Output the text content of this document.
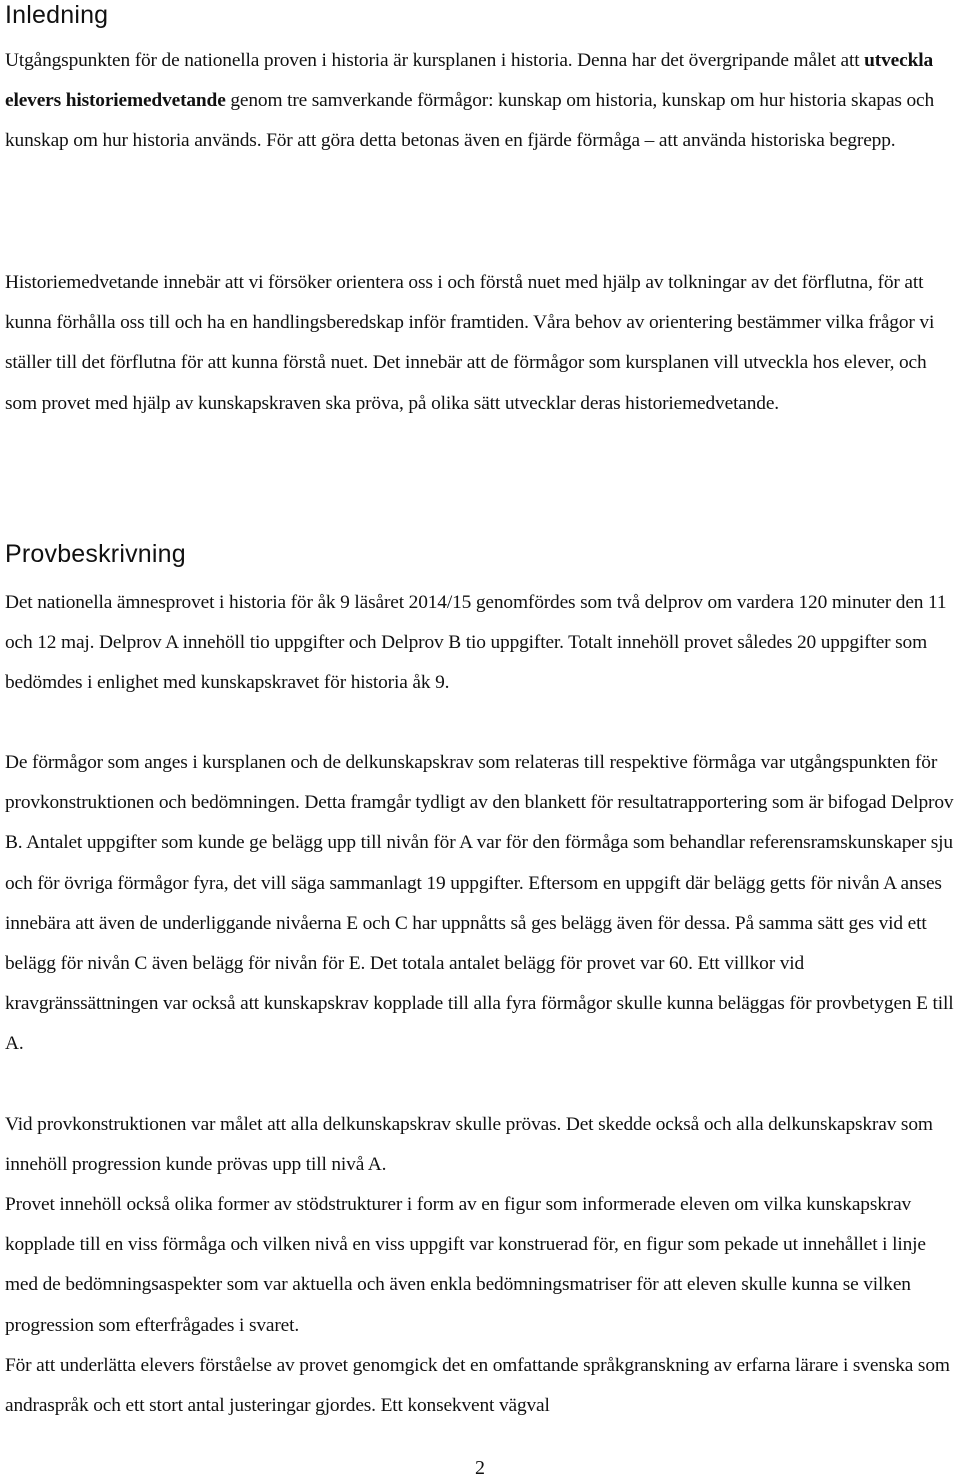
Inledning

Utgångspunkten för de nationella proven i historia är kursplanen i historia. Denna har det övergripande målet att utveckla elevers historiemedvetande genom tre samverkande förmågor: kunskap om historia, kunskap om hur historia skapas och kunskap om hur historia används. För att göra detta betonas även en fjärde förmåga – att använda historiska begrepp.

Historiemedvetande innebär att vi försöker orientera oss i och förstå nuet med hjälp av tolkningar av det förflutna, för att kunna förhålla oss till och ha en handlingsberedskap inför framtiden. Våra behov av orientering bestämmer vilka frågor vi ställer till det förflutna för att kunna förstå nuet. Det innebär att de förmågor som kursplanen vill utveckla hos elever, och som provet med hjälp av kunskapskraven ska pröva, på olika sätt utvecklar deras historiemedvetande.

Provbeskrivning

Det nationella ämnesprovet i historia för åk 9 läsåret 2014/15 genomfördes som två delprov om vardera 120 minuter den 11 och 12 maj. Delprov A innehöll tio uppgifter och Delprov B tio uppgifter. Totalt innehöll provet således 20 uppgifter som bedömdes i enlighet med kunskapskravet för historia åk 9.

De förmågor som anges i kursplanen och de delkunskapskrav som relateras till respektive förmåga var utgångspunkten för provkonstruktionen och bedömningen. Detta framgår tydligt av den blankett för resultatrapportering som är bifogad Delprov B. Antalet uppgifter som kunde ge belägg upp till nivån för A var för den förmåga som behandlar referensramskunskaper sju och för övriga förmågor fyra, det vill säga sammanlagt 19 uppgifter. Eftersom en uppgift där belägg getts för nivån A anses innebära att även de underliggande nivåerna E och C har uppnåtts så ges belägg även för dessa. På samma sätt ges vid ett belägg för nivån C även belägg för nivån för E. Det totala antalet belägg för provet var 60. Ett villkor vid kravgränssättningen var också att kunskapskrav kopplade till alla fyra förmågor skulle kunna beläggas för provbetygen E till A.

Vid provkonstruktionen var målet att alla delkunskapskrav skulle prövas. Det skedde också och alla delkunskapskrav som innehöll progression kunde prövas upp till nivå A.

Provet innehöll också olika former av stödstrukturer i form av en figur som informerade eleven om vilka kunskapskrav kopplade till en viss förmåga och vilken nivå en viss uppgift var konstruerad för, en figur som pekade ut innehållet i linje med de bedömningsaspekter som var aktuella och även enkla bedömningsmatriser för att eleven skulle kunna se vilken progression som efterfrågades i svaret.

För att underlätta elevers förståelse av provet genomgick det en omfattande språkgranskning av erfarna lärare i svenska som andraspråk och ett stort antal justeringar gjordes. Ett konsekvent vägval

2
